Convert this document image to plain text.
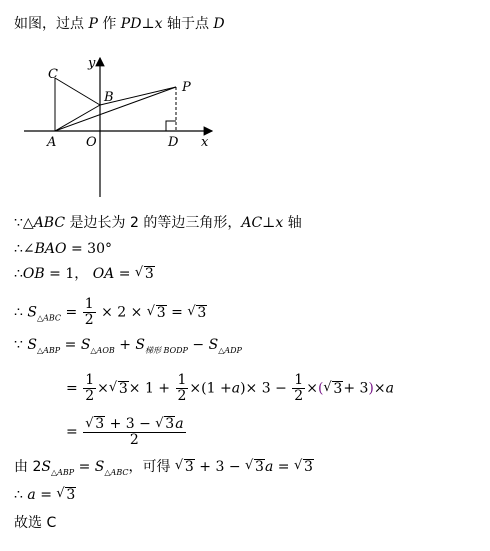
如图，过点 P 作 PD⊥x 轴于点 D
y
x
C
B
P
A O	D
∵△ABC 是边长为 2 的等边三角形，AC⊥x 轴
∴∠BAO = 30°
∴OB = 1， OA = √ 3
∴ $S_{\triangle ABC} = \frac{1}{2} \times 2$ × √ 3 = √ 3
∵ $S_{\triangle ABP} = S_{\triangle AOB} + S_{梯形 BODP} - S_{\triangle ADP}$
= $\frac{1}{2}$ × √ $3\times 1 + \frac{1}{2} \times(1 +a)\times 3 - \frac{1}{2}$ ×( √ 3+ 3)×a
= $\frac{√ 3 + 3 - √ 3a}{2}$
由 $2S_{\triangle ABP} = S_{\triangle ABC}$，可得 √ 3 + 3 − √ 3a = √ 3
∴ a = √ 3
故选 C
